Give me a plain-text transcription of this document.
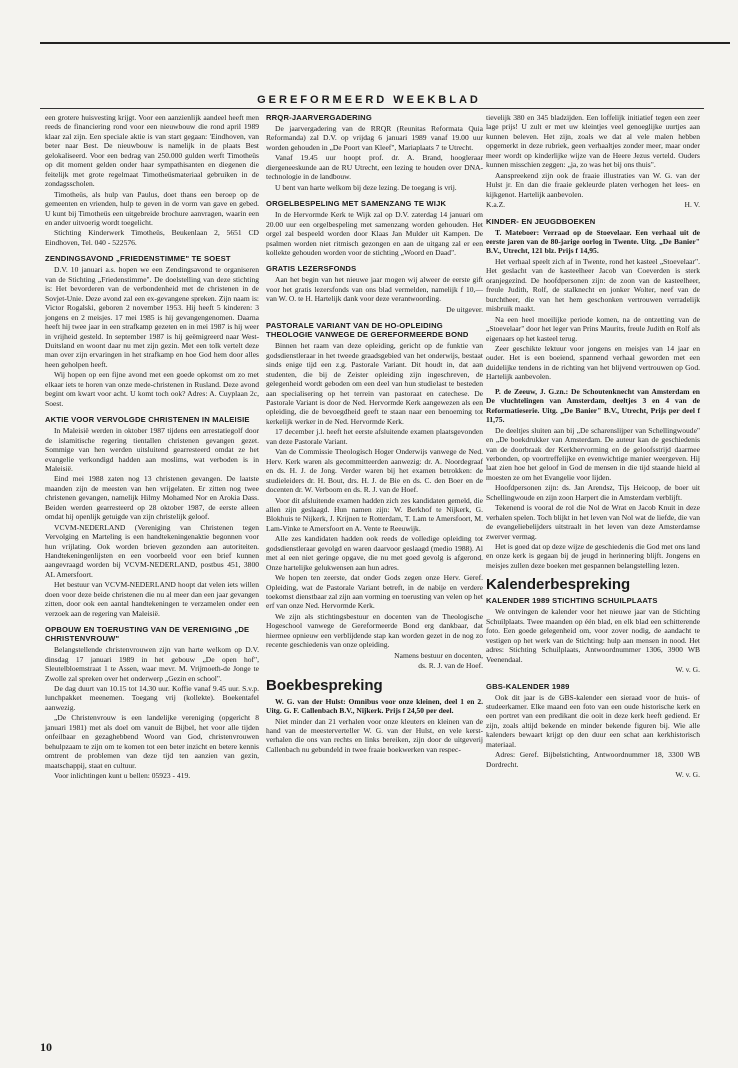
GEREFORMEERD WEEKBLAD

een grotere huisvesting krijgt. Voor een aanzienlijk aandeel heeft men reeds de financiering rond voor een nieuwbouw die rond april 1989 klaar zal zijn. Een speciale aktie is van start gegaan: 'Eindhoven, van beter naar Best. De nieuwbouw is namelijk in de plaats Best gelokaliseerd. Voor een bedrag van 250.000 gulden werft Timotheüs op dit moment gelden onder haar sympathisanten en diegenen die feitelijk met grote regelmaat Timotheüsmateriaal gebruiken in de zondagsscholen.

Timotheüs, als hulp van Paulus, doet thans een beroep op de gemeenten en vrienden, hulp te geven in de vorm van gave en gebed. U kunt bij Timotheüs een uitgebreide brochure aanvragen, waarin een en ander uitvoerig wordt toegelicht.

Stichting Kinderwerk Timotheüs, Beukenlaan 2, 5651 CD Eindhoven, Tel. 040 - 522576.

ZENDINGSAVOND „FRIEDENSTIMME" TE SOEST

D.V. 10 januari a.s. hopen we een Zendingsavond te organiseren van de Stichting „Friedenstimme". De doelstelling van deze stichting is: Het bevorderen van de verbondenheid met de christenen in de Sovjet-Unie. Deze avond zal een ex-gevangene spreken. Zijn naam is: Victor Rogalski, geboren 2 november 1953. Hij heeft 5 kinderen: 3 jongens en 2 meisjes. 17 mei 1985 is hij gevangengenomen. Daarna heeft hij twee jaar in een strafkamp gezeten en in mei 1987 is hij weer in vrijheid gesteld. In september 1987 is hij geëmigreerd naar West-Duitsland en woont daar nu met zijn gezin. Met een tolk vertelt deze man over zijn ervaringen in het strafkamp en hoe God hem door alles heen geholpen heeft.

Wij hopen op een fijne avond met een goede opkomst om zo met elkaar iets te horen van onze mede-christenen in Rusland. Deze avond begint om kwart voor acht. U komt toch ook? Adres: A. Cuyplaan 2c, Soest.

AKTIE VOOR VERVOLGDE CHRISTENEN IN MALEISIE

In Maleisië werden in oktober 1987 tijdens een arrestatiegolf door de islamitische regering tientallen christenen gevangen gezet. Sommige van hen werden uitsluitend gearresteerd omdat ze het evangelie verkondigd hadden aan moslims, wat verboden is in Maleisië.

Eind mei 1988 zaten nog 13 christenen gevangen. De laatste maanden zijn de meesten van hen vrijgelaten. Er zitten nog twee christenen gevangen, namelijk Hilmy Mohamed Nor en Arokia Dass. Beiden werden gearresteerd op 28 oktober 1987, de eerste alleen omdat hij openlijk getuigde van zijn christelijk geloof.

VCVM-NEDERLAND (Vereniging van Christenen tegen Vervolging en Marteling is een handtekeningenaktie begonnen voor hun vrijlating. Ook worden brieven gezonden aan autoriteiten. Handtekeningenlijsten en een voorbeeld voor een brief kunnen aangevraagd worden bij VCVM-NEDERLAND, postbus 451, 3800 AL Amersfoort.

Het bestuur van VCVM-NEDERLAND hoopt dat velen iets willen doen voor deze beide christenen die nu al meer dan een jaar gevangen zitten, door ook een aantal handtekeningen te verzamelen onder een verzoek aan de regering van Maleisië.

OPBOUW EN TOERUSTING VAN DE VERENIGING „DE CHRISTENVROUW"

Belangstellende christenvrouwen zijn van harte welkom op D.V. dinsdag 17 januari 1989 in het gebouw „De open hof", Sleutelbloemstraat 1 te Assen, waar mevr. M. Vrijmoeth-de Jonge te Zwolle zal spreken over het onderwerp „Gezin en school".

De dag duurt van 10.15 tot 14.30 uur. Koffie vanaf 9.45 uur. S.v.p. lunchpakket meenemen. Toegang vrij (kollekte). Boekentafel aanwezig.

„De Christenvrouw is een landelijke vereniging (opgericht 8 januari 1981) met als doel om vanuit de Bijbel, het voor alle tijden onfeilbaar en gezaghebbend Woord van God, christenvrouwen behulpzaam te zijn om te komen tot een beter inzicht en betere kennis omtrent de problemen van deze tijd ten aanzien van gezin, maatschappij, staat en cultuur.

Voor inlichtingen kunt u bellen: 05923 - 419.

RRQR-JAARVERGADERING

De jaarvergadering van de RRQR (Reunitas Reformata Quia Reformanda) zal D.V. op vrijdag 6 januari 1989 vanaf 19.00 uur worden gehouden in „De Poort van Kleef", Mariaplaats 7 te Utrecht.

Vanaf 19.45 uur hoopt prof. dr. A. Brand, hoogleraar diergeneeskunde aan de RU Utrecht, een lezing te houden over DNA-technologie in de landbouw.

U bent van harte welkom bij deze lezing. De toegang is vrij.

ORGELBESPELING MET SAMENZANG TE WIJK

In de Hervormde Kerk te Wijk zal op D.V. zaterdag 14 januari om 20.00 uur een orgelbespeling met samenzang worden gehouden. Het orgel zal bespeeld worden door Klaas Jan Mulder uit Kampen. De psalmen worden niet ritmisch gezongen en aan de uitgang zal er een kollekte gehouden worden voor de stichting „Woord en Daad".

GRATIS LEZERSFONDS

Aan het begin van het nieuwe jaar mogen wij alweer de eerste gift voor het gratis lezersfonds van ons blad vermelden, namelijk f 10,— van W. O. te H. Hartelijk dank voor deze verantwoording.

De uitgever.

PASTORALE VARIANT VAN DE HO-OPLEIDING THEOLOGIE VANWEGE DE GEREFORMEERDE BOND

Binnen het raam van deze opleiding, gericht op de funktie van godsdienstleraar in het tweede graadsgebied van het onderwijs, bestaat sinds enige tijd een z.g. Pastorale Variant. Dit houdt in, dat aan studenten, die bij de Zeister opleiding zijn ingeschreven, de gelegenheid wordt geboden om een deel van hun studielast te besteden aan specialisering op het terrein van pastoraat en catechese. De Pastorale Variant is door de Ned. Hervormde Kerk aangewezen als een opleiding, die de bevoegdheid geeft te staan naar een benoeming tot kerkelijk werker in de Ned. Hervormde Kerk.

17 december j.l. heeft het eerste afsluitende examen plaatsgevonden van deze Pastorale Variant.

Van de Commissie Theologisch Hoger Onderwijs vanwege de Ned. Herv. Kerk waren als gecommitteerden aanwezig: dr. A. Noordegraaf en ds. H. J. de Jong. Verder waren bij het examen betrokken: de studieleiders dr. H. Bout, drs. H. J. de Bie en ds. C. den Boer en de docenten dr. W. Verboom en ds. R. J. van de Hoef.

Voor dit afsluitende examen hadden zich zes kandidaten gemeld, die allen zijn geslaagd. Hun namen zijn: W. Berkhof te Nijkerk, G. Blokhuis te Nijkerk, J. Krijnen te Rotterdam, T. Lam te Amersfoort, M. Lam-Vinke te Amersfoort en A. Vente te Reeuwijk.

Alle zes kandidaten hadden ook reeds de volledige opleiding tot godsdienstleraar gevolgd en waren daarvoor geslaagd (medio 1988). Al met al een niet geringe opgave, die nu met goed gevolg is afgerond. Onze hartelijke gelukwensen aan hun adres.

We hopen ten zeerste, dat onder Gods zegen onze Herv. Geref. Opleiding, wat de Pastorale Variant betreft, in de nabije en verdere toekomst dienstbaar zal zijn aan vorming en toerusting van velen op het erf van onze Ned. Hervormde Kerk.

We zijn als stichtingsbestuur en docenten van de Theologische Hogeschool vanwege de Gereformeerde Bond erg dankbaar, dat hiermee opnieuw een verblijdende stap kan worden gezet in de nog zo recente geschiedenis van onze opleiding.

Namens bestuur en docenten,

ds. R. J. van de Hoef.

Boekbespreking

W. G. van der Hulst: Omnibus voor onze kleinen, deel 1 en 2. Uitg. G. F. Callenbach B.V., Nijkerk. Prijs f 24,50 per deel.

Niet minder dan 21 verhalen voor onze kleuters en kleinen van de hand van de meesterverteller W. G. van der Hulst, en vele kerst-verhalen die ons van rechts en links bereiken, zijn door de uitgeverij Callenbach nu gebundeld in twee fraaie boekwerken van respec-

tievelijk 380 en 345 bladzijden. Een loffelijk initiatief tegen een zeer lage prijs! U zult er met uw kleintjes veel genoeglijke uurtjes aan kunnen beleven. Het zijn, zoals we dat al vele malen hebben opgemerkt in deze rubriek, geen verhaaltjes zonder meer, maar onder meer wordt op kinderlijke wijze van de Heere Jezus verteld. Ouders kunnen misschien zeggen: „ja, zo was het bij ons thuis".

Aanspreekend zijn ook de fraaie illustraties van W. G. van der Hulst jr. En dan die fraaie gekleurde platen verhogen het lees- en kijkgenot. Hartelijk aanbevolen.

K.a.Z.	H. V.

KINDER- EN JEUGDBOEKEN

T. Mateboer: Verraad op de Stoevelaar. Een verhaal uit de eerste jaren van de 80-jarige oorlog in Twente. Uitg. „De Banier" B.V., Utrecht, 121 blz. Prijs f 14,95.

Het verhaal speelt zich af in Twente, rond het kasteel „Stoevelaar". Het geslacht van de kasteelheer Jacob van Coeverden is sterk oranjegezind. De hoofdpersonen zijn: de zoon van de kasteelheer, freule Judith, Rolf, de stalknecht en jonker Wolter, neef van de burchtheer, die van het hem geschonken vertrouwen verradelijk misbruik maakt.

Na een heel moeilijke periode komen, na de ontzetting van de „Stoevelaar" door het leger van Prins Maurits, freule Judith en Rolf als eigenaars op het kasteel terug.

Zeer geschikte lektuur voor jongens en meisjes van 14 jaar en ouder. Het is een boeiend, spannend verhaal geworden met een duidelijke tendens in de richting van het blijvend vertrouwen op God. Hartelijk aanbevolen.

P. de Zeeuw, J. G.zn.: De Schoutenknecht van Amsterdam en De vluchtelingen van Amsterdam, deeltjes 3 en 4 van de Reformatieserie. Uitg. „De Banier" B.V., Utrecht, Prijs per deel f 11,75.

De deeltjes sluiten aan bij „De scharenslijper van Schellingwoude" en „De boekdrukker van Amsterdam. De auteur kan de geschiedenis van de doorbraak der Kerkhervorming en de geloofsstrijd daarmee verbonden, op voortreffelijke en evenwichtige manier weergeven. Hij laat zien hoe het geloof in God de mensen in die tijd staande hield al moesten ze om het Evangelie voor lijden.

Hoofdpersonen zijn: ds. Jan Arendsz, Tijs Heicoop, de boer uit Schellingwoude en zijn zoon Harpert die in Amsterdam verblijft.

Tekenend is vooral de rol die Nol de Wrat en Jacob Knuit in deze verhalen spelen. Toch blijkt in het leven van Nol wat de liefde, die van de evangeliebelijders uitstraalt in het leven van deze Amsterdamse zwerver vermag.

Het is goed dat op deze wijze de geschiedenis die God met ons land en onze kerk is gegaan bij de jeugd in herinnering blijft. Jongens en meisjes zullen deze boeken met gespannen belangstelling lezen.

Kalenderbespreking
KALENDER 1989 STICHTING SCHUILPLAATS

We ontvingen de kalender voor het nieuwe jaar van de Stichting Schuilplaats. Twee maanden op één blad, en elk blad een schitterende foto. Een goede gelegenheid om, voor zover nodig, de aandacht te vestigen op het werk van de Stichting: hulp aan mensen in nood. Het adres: Stichting Schuilplaats, Antwoordnummer 1306, 3900 WB Veenendaal.

W. v. G.

GBS-KALENDER 1989

Ook dit jaar is de GBS-kalender een sieraad voor de huis- of studeerkamer. Elke maand een foto van een oude historische kerk en een portret van een predikant die ooit in deze kerk heeft gediend. Er zijn, zoals altijd bekende en minder bekende figuren bij. Wie alle kalenders bewaart krijgt op den duur een schat aan kerkhistorisch materiaal.

Adres: Geref. Bijbelstichting, Antwoordnummer 18, 3300 WB Dordrecht.

W. v. G.

10
